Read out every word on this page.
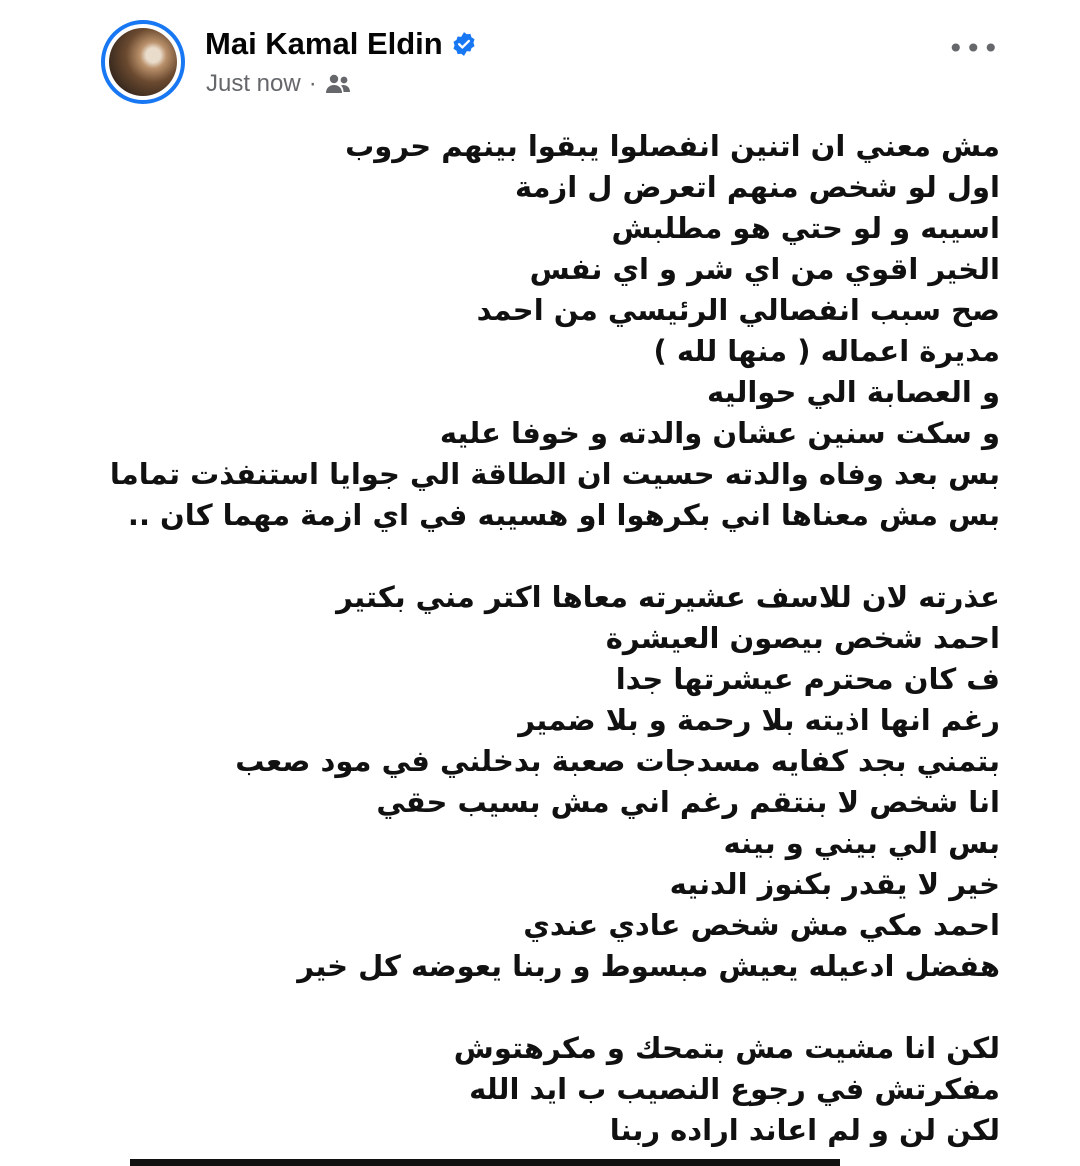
Mai Kamal Eldin
Just now ·
•••
مش معني ان اتنين انفصلوا يبقوا بينهم حروب
اول لو شخص منهم اتعرض ل ازمة
اسيبه و لو حتي هو مطلبش
الخير اقوي من اي شر و اي نفس
صح سبب انفصالي الرئيسي من احمد
مديرة اعماله ( منها لله )
و العصابة الي حواليه
و سكت سنين عشان والدته و خوفا عليه
بس بعد وفاه والدته حسيت ان الطاقة الي جوايا استنفذت تماما
بس مش معناها اني بكرهوا او هسيبه في اي ازمة مهما كان ..
عذرته لان للاسف عشيرته معاها اكتر مني بكتير
احمد شخص بيصون العيشرة
ف كان محترم عيشرتها جدا
رغم انها اذيته بلا رحمة و بلا ضمير
بتمني بجد كفايه مسدجات صعبة بدخلني في مود صعب
انا شخص لا بنتقم رغم اني مش بسيب حقي
بس الي بيني و بينه
خير لا يقدر بكنوز الدنيه
احمد مكي مش شخص عادي عندي
هفضل ادعيله يعيش مبسوط و ربنا يعوضه كل خير
لكن انا مشيت مش بتمحك و مكرهتوش
مفكرتش في رجوع النصيب ب ايد الله
لكن لن و لم اعاند اراده ربنا
